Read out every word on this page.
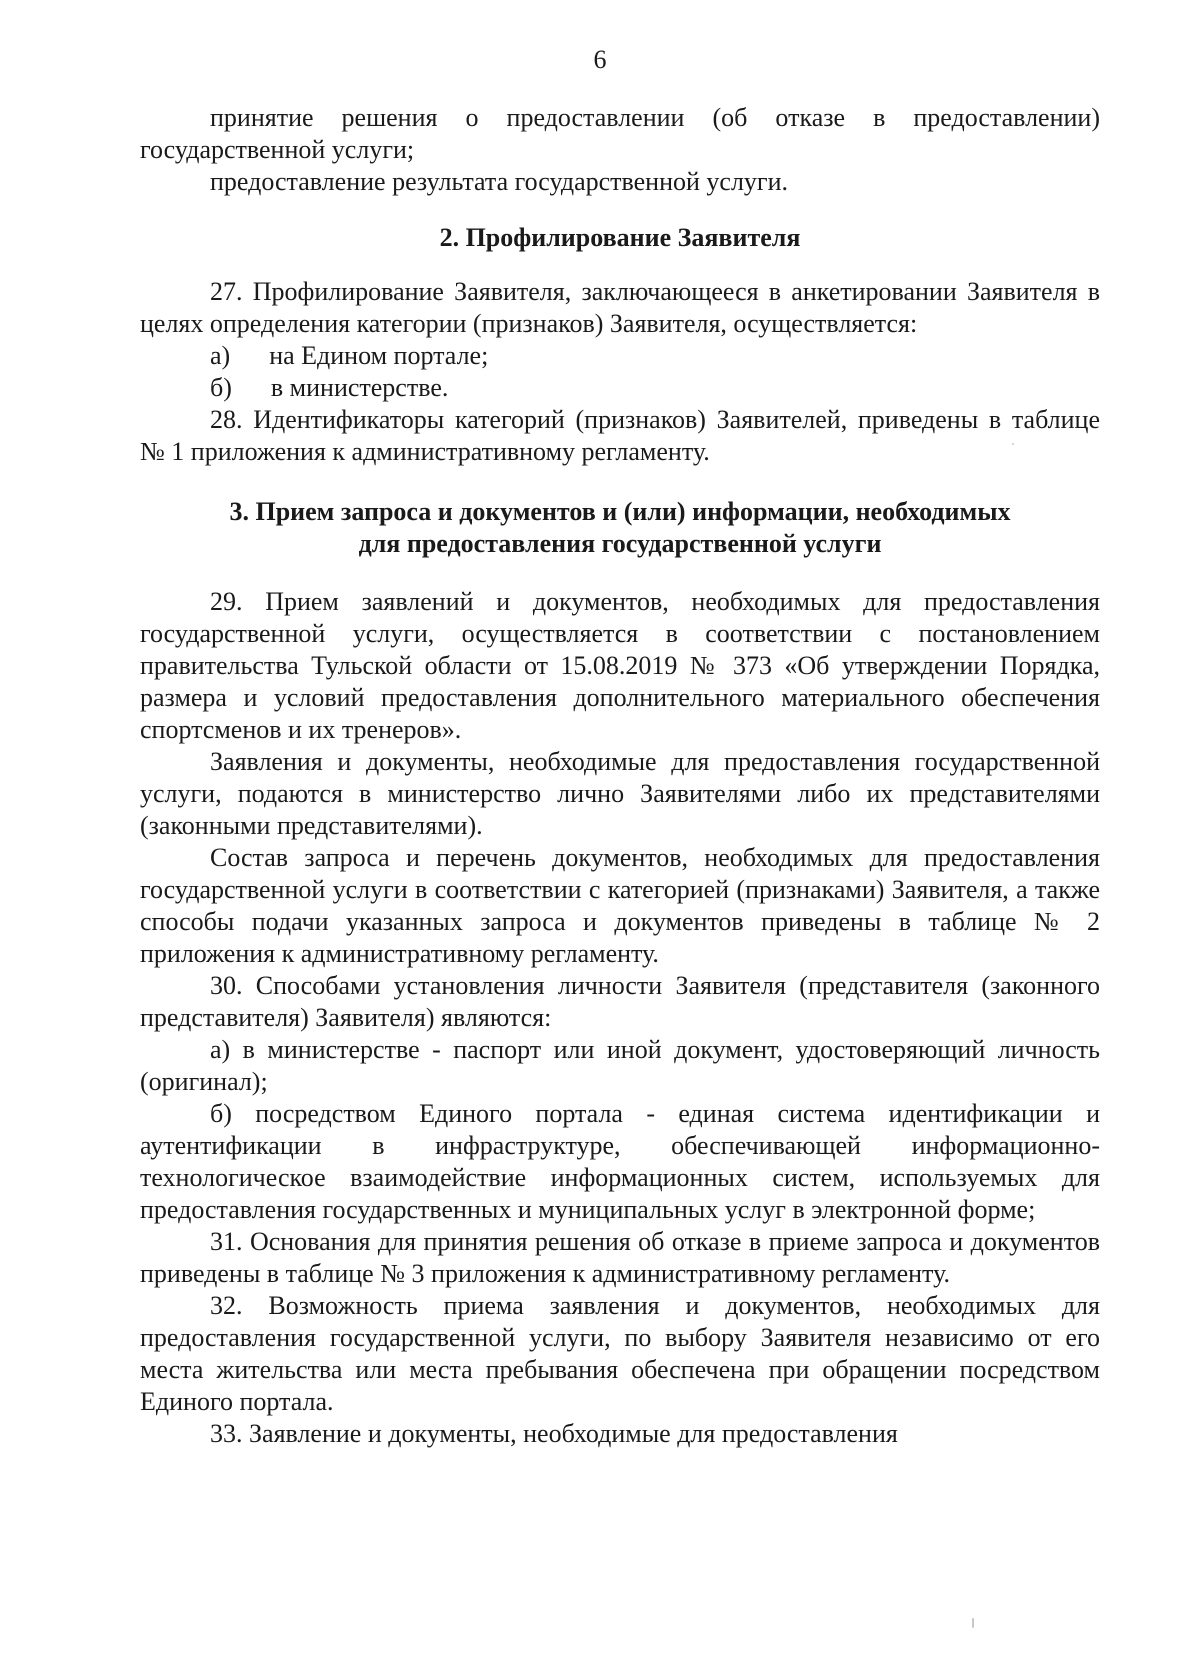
6

принятие решения о предоставлении (об отказе в предоставлении) государственной услуги;

предоставление результата государственной услуги.

2. Профилирование Заявителя

27. Профилирование Заявителя, заключающееся в анкетировании Заявителя в целях определения категории (признаков) Заявителя, осуществляется:

а)      на Едином портале;

б)      в министерстве.

28. Идентификаторы категорий (признаков) Заявителей, приведены в таблице № 1 приложения к административному регламенту.

3. Прием запроса и документов и (или) информации, необходимых
для предоставления государственной услуги

29. Прием заявлений и документов, необходимых для предоставления государственной услуги, осуществляется в соответствии с постановлением правительства Тульской области от 15.08.2019 № 373 «Об утверждении Порядка, размера и условий предоставления дополнительного материального обеспечения спортсменов и их тренеров».

Заявления и документы, необходимые для предоставления государственной услуги, подаются в министерство лично Заявителями либо их представителями (законными представителями).

Состав запроса и перечень документов, необходимых для предоставления государственной услуги в соответствии с категорией (признаками) Заявителя, а также способы подачи указанных запроса и документов приведены в таблице № 2 приложения к административному регламенту.

30. Способами установления личности Заявителя (представителя (законного представителя) Заявителя) являются:

а) в министерстве - паспорт или иной документ, удостоверяющий личность (оригинал);

б) посредством Единого портала - единая система идентификации и аутентификации в инфраструктуре, обеспечивающей информационно-технологическое взаимодействие информационных систем, используемых для предоставления государственных и муниципальных услуг в электронной форме;

31. Основания для принятия решения об отказе в приеме запроса и документов приведены в таблице № 3 приложения к административному регламенту.

32. Возможность приема заявления и документов, необходимых для предоставления государственной услуги, по выбору Заявителя независимо от его места жительства или места пребывания обеспечена при обращении посредством Единого портала.

33. Заявление и документы, необходимые для предоставления
